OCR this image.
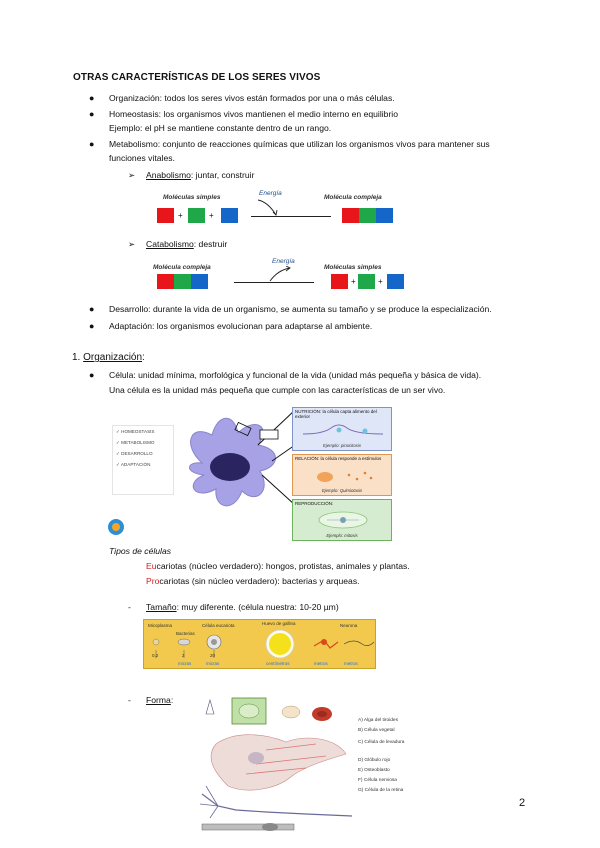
OTRAS CARACTERÍSTICAS DE LOS SERES VIVOS
● Organización: todos los seres vivos están formados por una o más células.
● Homeostasis: los organismos vivos mantienen el medio interno en equilibrio
Ejemplo: el pH se mantiene constante dentro de un rango.
● Metabolismo: conjunto de reacciones químicas que utilizan los organismos vivos para mantener sus
funciones vitales.
➢ Anabolismo: juntar, construir
Moléculas simples
Energía
Molécula compleja
+	+
➢ Catabolismo: destruir
Molécula compleja
Energía
Moléculas simples
+	+
● Desarrollo: durante la vida de un organismo, se aumenta su tamaño y se produce la especialización.
● Adaptación: los organismos evolucionan para adaptarse al ambiente.
1. Organización:
● Célula: unidad mínima, morfológica y funcional de la vida (unidad más pequeña y básica de vida).
Una célula es la unidad más pequeña que cumple con las características de un ser vivo.
✓ HOMEOSTASIS
✓ METABOLISMO
✓ DESARROLLO
✓ ADAPTACIÓN
NUTRICIÓN: la célula capta alimento del exterior
Ejemplo: pinocitosis
RELACIÓN: la célula responde a estímulos
Ejemplo: Quimiotaxis
REPRODUCCIÓN:
Ejemplo: mitosis
Tipos de células
Eucariotas (núcleo verdadero): hongos, protistas, animales y plantas.
Procariotas (sin núcleo verdadero): bacterias y arqueas.
- Tamaño: muy diferente. (célula nuestra: 10-20 µm)
Micoplasma
Bacterias
Célula eucariota	Huevo de gallina	Neurona
0,2	2	20
micras	micras	centímetros	metros	metros
- Forma:
A) Alga del tiroides
B) Célula vegetal
C) Célula de levadura
D) Glóbulo rojo
E) Osteoblasto
F) Célula nerviosa
G) Célula de la retina
2
